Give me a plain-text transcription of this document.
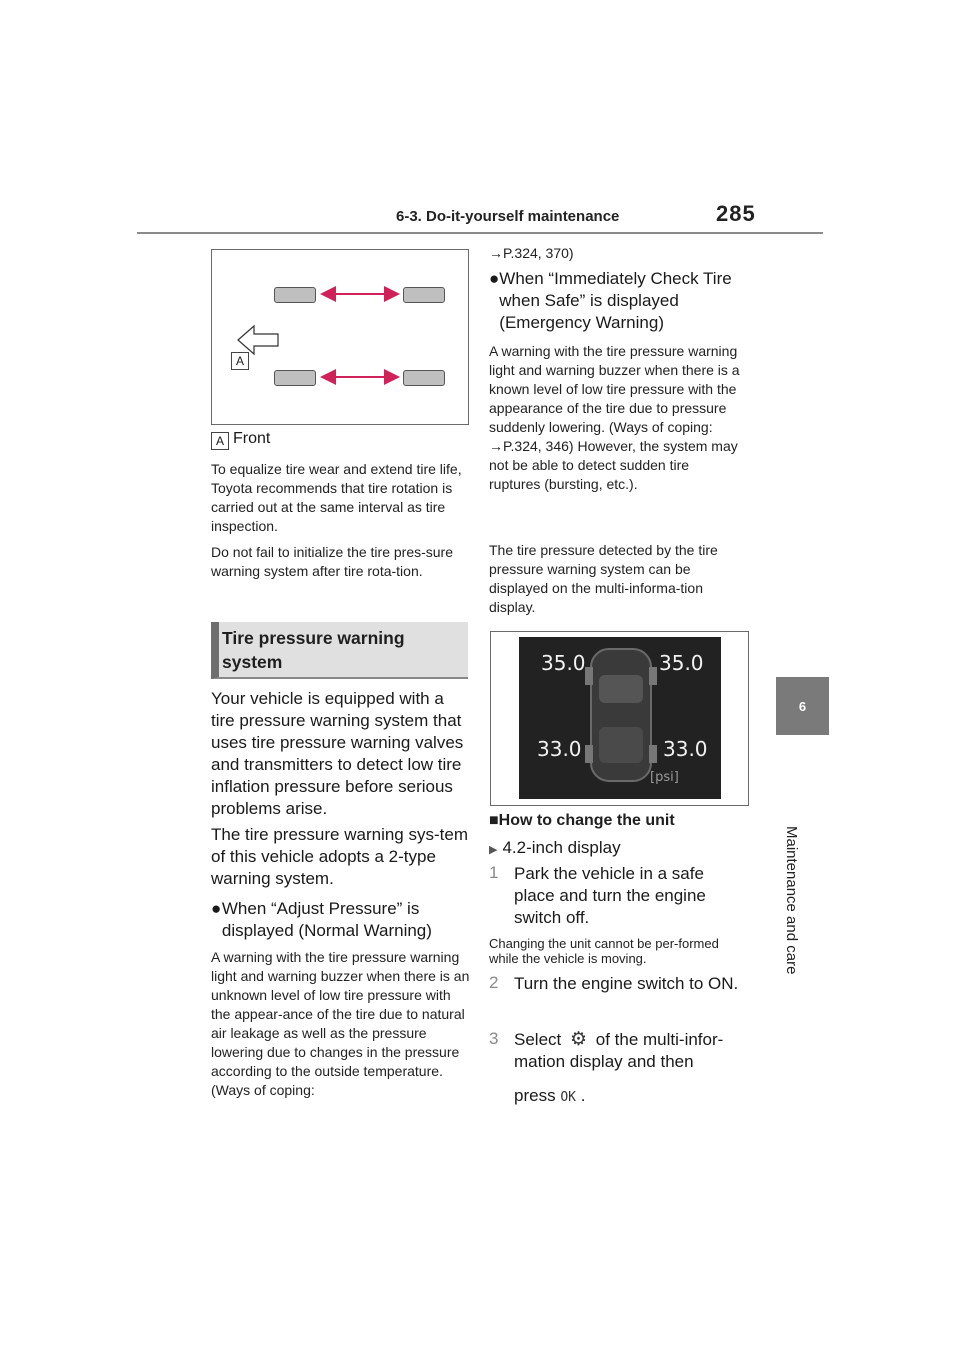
6-3. Do-it-yourself maintenance	285
6
Maintenance and care
A
A Front
To equalize tire wear and extend tire life, Toyota recommends that tire rotation is carried out at the same interval as tire inspection.
Do not fail to initialize the tire pres-sure warning system after tire rota-tion.
Tire pressure warning system
Your vehicle is equipped with a tire pressure warning system that uses tire pressure warning valves and transmitters to detect low tire inflation pressure before serious problems arise.
The tire pressure warning sys-tem of this vehicle adopts a 2-type warning system.
● When “Adjust Pressure” is displayed (Normal Warning)
A warning with the tire pressure warning light and warning buzzer when there is an unknown level of low tire pressure with the appear-ance of the tire due to natural air leakage as well as the pressure lowering due to changes in the pressure according to the outside temperature. (Ways of coping:
→P.324, 370)
● When “Immediately Check Tire when Safe” is displayed (Emergency Warning)
A warning with the tire pressure warning light and warning buzzer when there is a known level of low tire pressure with the appearance of the tire due to pressure suddenly lowering. (Ways of coping: →P.324, 346) However, the system may not be able to detect sudden tire ruptures (bursting, etc.).
The tire pressure detected by the tire pressure warning system can be displayed on the multi-informa-tion display.
35.0	35.0
33.0	33.0
[psi]
■How to change the unit
▶ 4.2-inch display
1 Park the vehicle in a safe place and turn the engine switch off.
Changing the unit cannot be per-formed while the vehicle is moving.
2 Turn the engine switch to ON.
3 Select ⚙ of the multi-infor-mation display and then
press OK .
